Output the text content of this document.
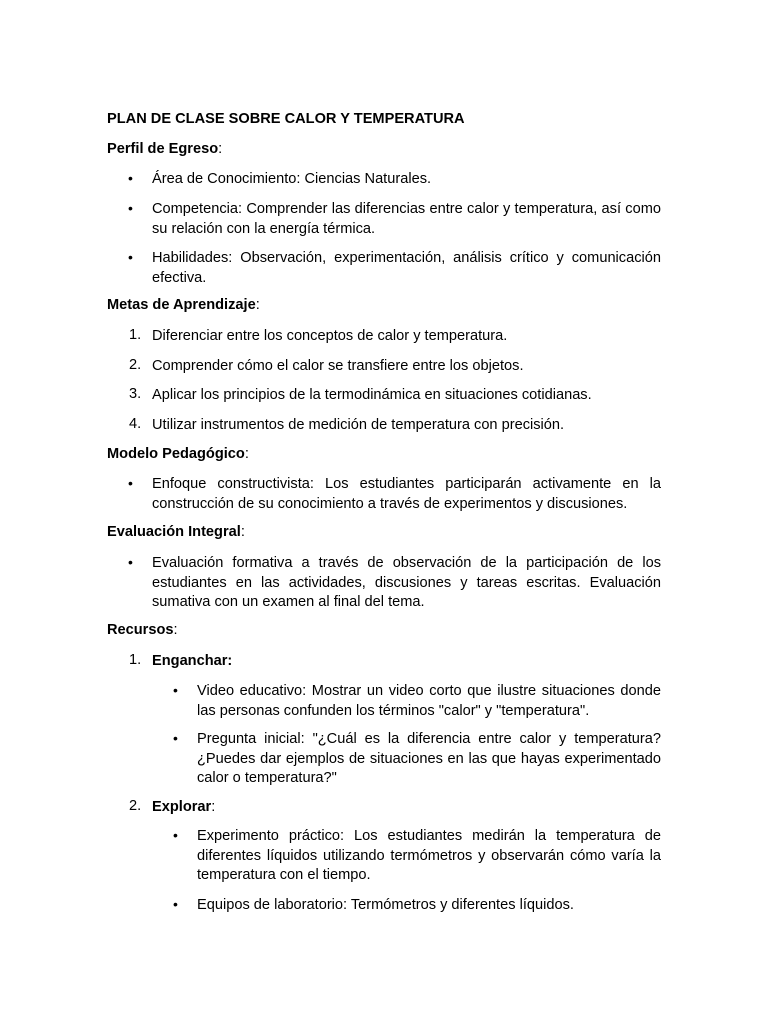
PLAN DE CLASE SOBRE CALOR Y TEMPERATURA
Perfil de Egreso:
• Área de Conocimiento: Ciencias Naturales.
• Competencia: Comprender las diferencias entre calor y temperatura, así como su relación con la energía térmica.
• Habilidades: Observación, experimentación, análisis crítico y comunicación efectiva.
Metas de Aprendizaje:
1. Diferenciar entre los conceptos de calor y temperatura.
2. Comprender cómo el calor se transfiere entre los objetos.
3. Aplicar los principios de la termodinámica en situaciones cotidianas.
4. Utilizar instrumentos de medición de temperatura con precisión.
Modelo Pedagógico:
• Enfoque constructivista: Los estudiantes participarán activamente en la construcción de su conocimiento a través de experimentos y discusiones.
Evaluación Integral:
• Evaluación formativa a través de observación de la participación de los estudiantes en las actividades, discusiones y tareas escritas. Evaluación sumativa con un examen al final del tema.
Recursos:
1. Enganchar:
• Video educativo: Mostrar un video corto que ilustre situaciones donde las personas confunden los términos "calor" y "temperatura".
• Pregunta inicial: "¿Cuál es la diferencia entre calor y temperatura? ¿Puedes dar ejemplos de situaciones en las que hayas experimentado calor o temperatura?"
2. Explorar:
• Experimento práctico: Los estudiantes medirán la temperatura de diferentes líquidos utilizando termómetros y observarán cómo varía la temperatura con el tiempo.
• Equipos de laboratorio: Termómetros y diferentes líquidos.
